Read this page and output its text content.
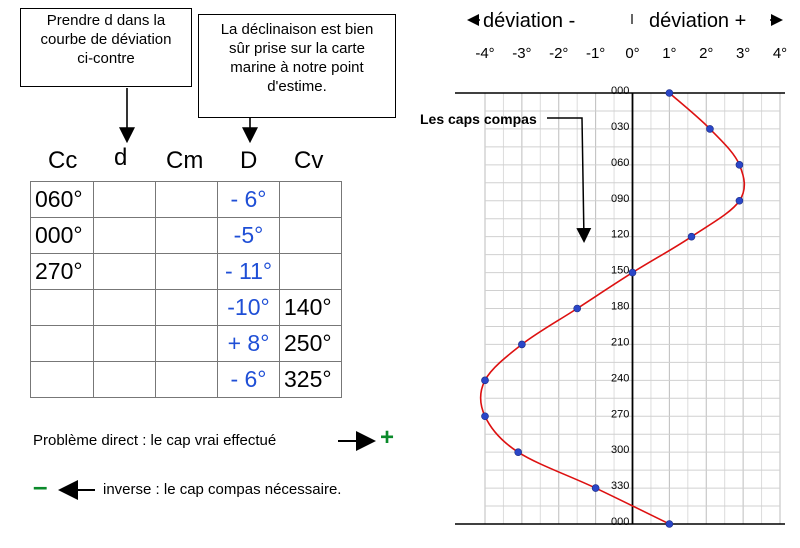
Prendre d dans la
courbe de déviation
ci-contre
La déclinaison est bien
sûr prise sur la carte
marine à notre point
d'estime.
Cc d Cm D Cv
060°			- 6°	
000°			-5°	
270°			- 11°	
			-10°	140°
			+ 8°	250°
			- 6°	325°
Problème direct : le cap vrai effectué	+
inverse : le cap compas nécessaire.
–
déviation -	déviation +
-4° -3° -2° -1° 0° 1° 2° 3° 4°
000
030
060
090
120
150
180
210
240
270
300
330
000
Les caps compas
